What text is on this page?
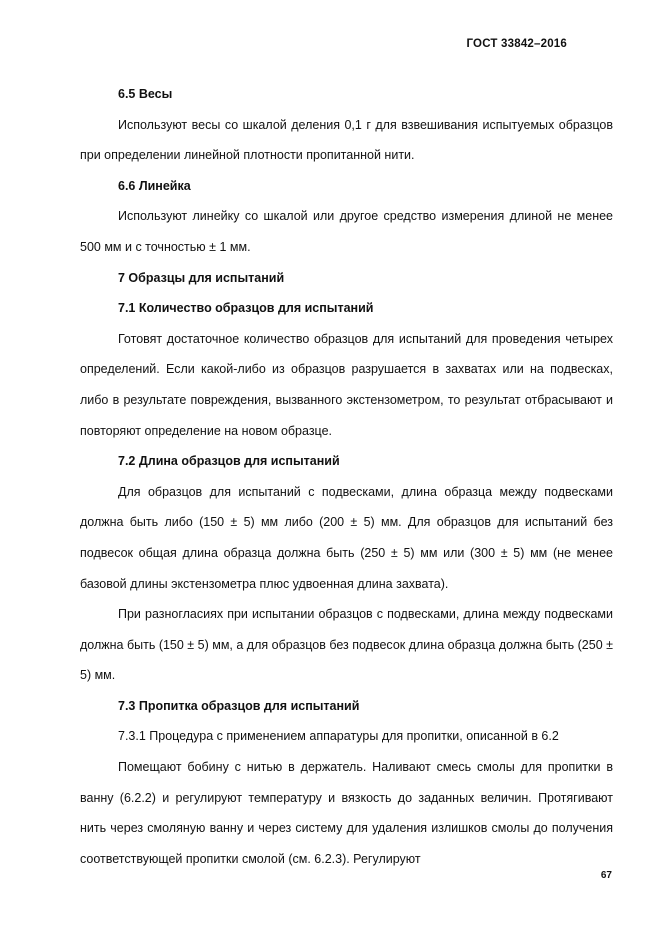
ГОСТ 33842–2016

6.5 Весы

Используют весы со шкалой деления 0,1 г для взвешивания испытуемых образцов при определении линейной плотности пропитанной нити.

6.6 Линейка

Используют линейку со шкалой или другое средство измерения длиной не менее 500 мм и с точностью ± 1 мм.

7 Образцы для испытаний

7.1 Количество образцов для испытаний

Готовят достаточное количество образцов для испытаний для проведения четырех определений. Если какой-либо из образцов разрушается в захватах или на подвесках, либо в результате повреждения, вызванного экстензометром, то результат отбрасывают и повторяют определение на новом образце.

7.2 Длина образцов для испытаний

Для образцов для испытаний с подвесками, длина образца между подвесками должна быть либо (150 ± 5) мм либо (200 ± 5) мм. Для образцов для испытаний без подвесок общая длина образца должна быть (250 ± 5) мм или (300 ± 5) мм (не менее базовой длины экстензометра плюс удвоенная длина захвата).

При разногласиях при испытании образцов с подвесками, длина между подвесками должна быть (150 ± 5) мм, а для образцов без подвесок длина образца должна быть (250 ± 5) мм.

7.3 Пропитка образцов для испытаний

7.3.1 Процедура с применением аппаратуры для пропитки, описанной в 6.2

Помещают бобину с нитью в держатель. Наливают смесь смолы для пропитки в ванну (6.2.2) и регулируют температуру и вязкость до заданных величин. Протягивают нить через смоляную ванну и через систему для удаления излишков смолы до получения соответствующей пропитки смолой (см. 6.2.3). Регулируют

67
